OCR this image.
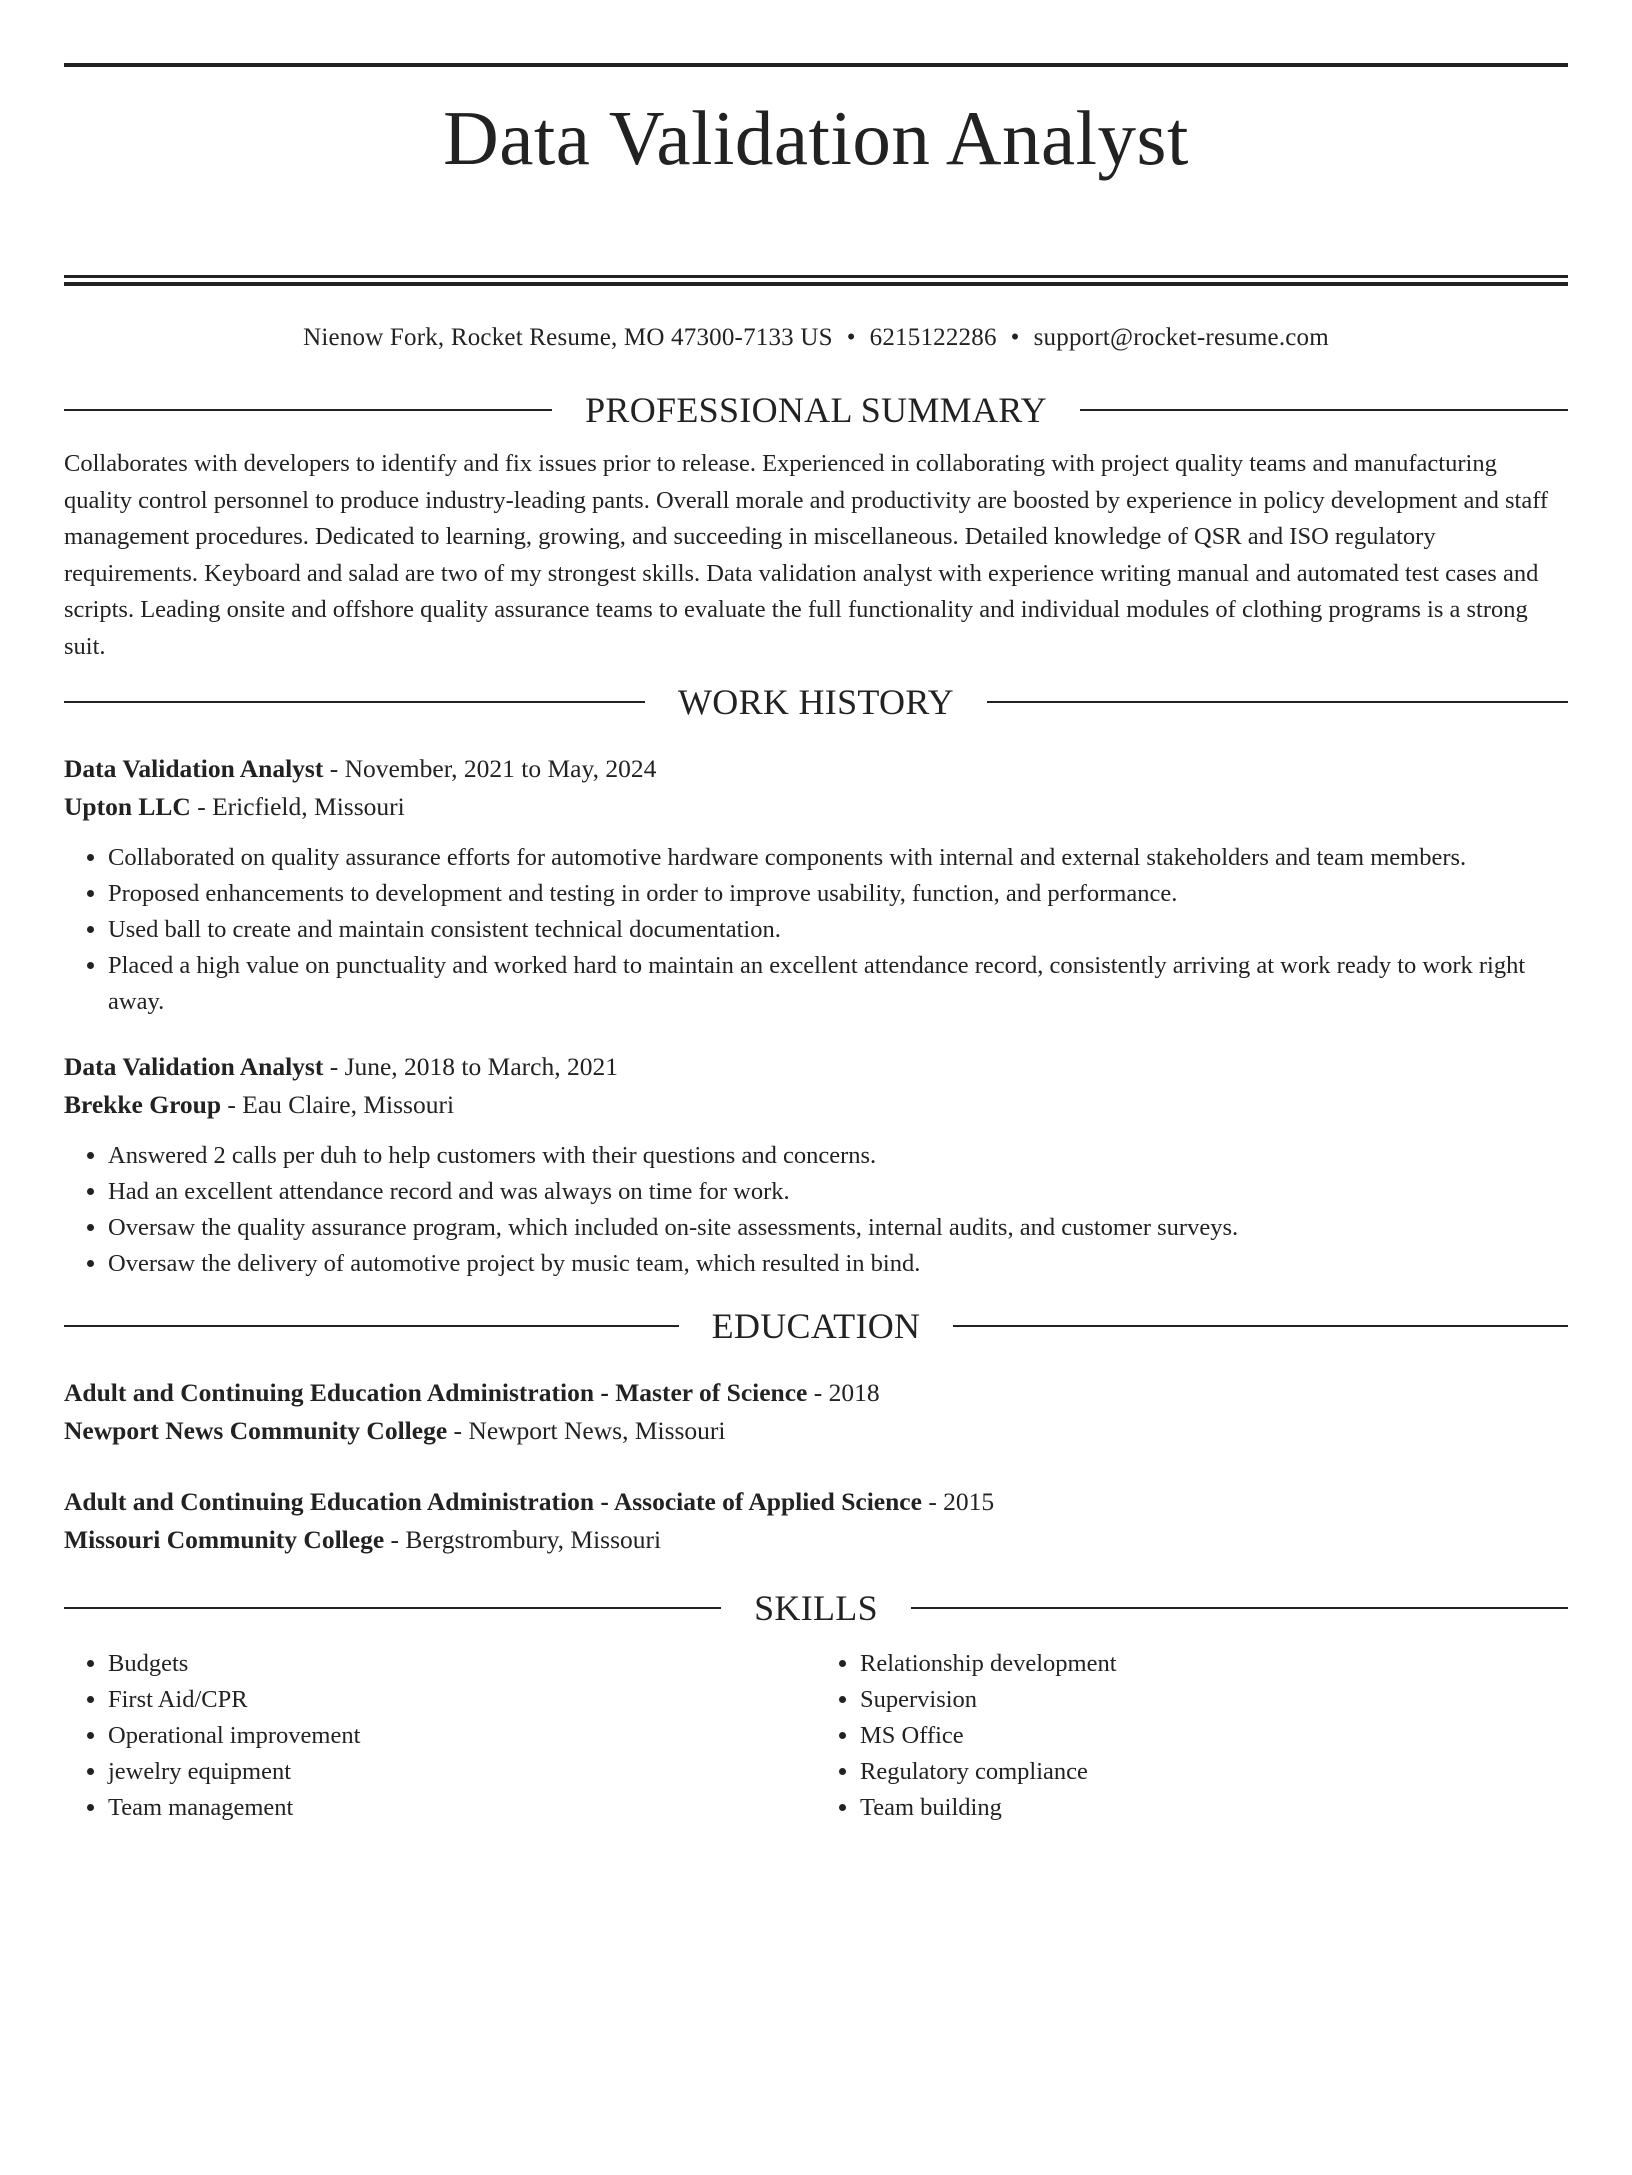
Data Validation Analyst
Nienow Fork, Rocket Resume, MO 47300-7133 US • 6215122286 • support@rocket-resume.com
PROFESSIONAL SUMMARY

Collaborates with developers to identify and fix issues prior to release. Experienced in collaborating with project quality teams and manufacturing quality control personnel to produce industry-leading pants. Overall morale and productivity are boosted by experience in policy development and staff management procedures. Dedicated to learning, growing, and succeeding in miscellaneous. Detailed knowledge of QSR and ISO regulatory requirements. Keyboard and salad are two of my strongest skills. Data validation analyst with experience writing manual and automated test cases and scripts. Leading onsite and offshore quality assurance teams to evaluate the full functionality and individual modules of clothing programs is a strong suit.

WORK HISTORY
Data Validation Analyst - November, 2021 to May, 2024
Upton LLC - Ericfield, Missouri
• Collaborated on quality assurance efforts for automotive hardware components with internal and external stakeholders and team members.
• Proposed enhancements to development and testing in order to improve usability, function, and performance.
• Used ball to create and maintain consistent technical documentation.
• Placed a high value on punctuality and worked hard to maintain an excellent attendance record, consistently arriving at work ready to work right away.
Data Validation Analyst - June, 2018 to March, 2021
Brekke Group - Eau Claire, Missouri
• Answered 2 calls per duh to help customers with their questions and concerns.
• Had an excellent attendance record and was always on time for work.
• Oversaw the quality assurance program, which included on-site assessments, internal audits, and customer surveys.
• Oversaw the delivery of automotive project by music team, which resulted in bind.
EDUCATION
Adult and Continuing Education Administration - Master of Science - 2018
Newport News Community College - Newport News, Missouri
Adult and Continuing Education Administration - Associate of Applied Science - 2015
Missouri Community College - Bergstrombury, Missouri
SKILLS
• Budgets
• First Aid/CPR
• Operational improvement
• jewelry equipment
• Team management
• Relationship development
• Supervision
• MS Office
• Regulatory compliance
• Team building
